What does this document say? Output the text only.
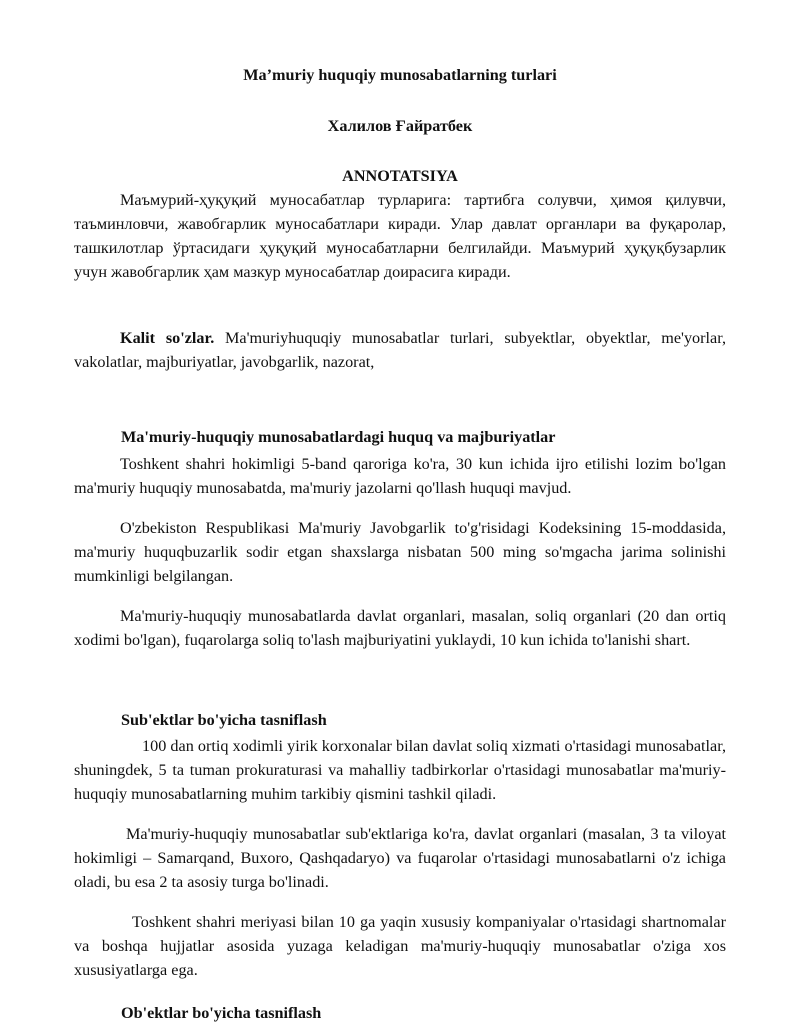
Ma’muriy huquqiy munosabatlarning turlari
Халилов Ғайратбек
ANNOTATSIYA

Маъмурий-ҳуқуқий муносабатлар турларига: тартибга солувчи, ҳимоя қилувчи, таъминловчи, жавобгарлик муносабатлари киради. Улар давлат органлари ва фуқаролар, ташкилотлар ўртасидаги ҳуқуқий муносабатларни белгилайди. Маъмурий ҳуқуқбузарлик учун жавобгарлик ҳам мазкур муносабатлар доирасига киради.

Kalit so'zlar. Ma'muriyhuquqiy munosabatlar turlari, subyektlar, obyektlar, me'yorlar, vakolatlar, majburiyatlar, javobgarlik, nazorat,

Ma'muriy-huquqiy munosabatlardagi huquq va majburiyatlar

Toshkent shahri hokimligi 5-band qaroriga ko'ra, 30 kun ichida ijro etilishi lozim bo'lgan ma'muriy huquqiy munosabatda, ma'muriy jazolarni qo'llash huquqi mavjud.

O'zbekiston Respublikasi Ma'muriy Javobgarlik to'g'risidagi Kodeksining 15-moddasida, ma'muriy huquqbuzarlik sodir etgan shaxslarga nisbatan 500 ming so'mgacha jarima solinishi mumkinligi belgilangan.

Ma'muriy-huquqiy munosabatlarda davlat organlari, masalan, soliq organlari (20 dan ortiq xodimi bo'lgan), fuqarolarga soliq to'lash majburiyatini yuklaydi, 10 kun ichida to'lanishi shart.

Sub'ektlar bo'yicha tasniflash

100 dan ortiq xodimli yirik korxonalar bilan davlat soliq xizmati o'rtasidagi munosabatlar, shuningdek, 5 ta tuman prokuraturasi va mahalliy tadbirkorlar o'rtasidagi munosabatlar ma'muriy-huquqiy munosabatlarning muhim tarkibiy qismini tashkil qiladi.

Ma'muriy-huquqiy munosabatlar sub'ektlariga ko'ra, davlat organlari (masalan, 3 ta viloyat hokimligi – Samarqand, Buxoro, Qashqadaryo) va fuqarolar o'rtasidagi munosabatlarni o'z ichiga oladi, bu esa 2 ta asosiy turga bo'linadi.

Toshkent shahri meriyasi bilan 10 ga yaqin xususiy kompaniyalar o'rtasidagi shartnomalar va boshqa hujjatlar asosida yuzaga keladigan ma'muriy-huquqiy munosabatlar o'ziga xos xususiyatlarga ega.

Ob'ektlar bo'yicha tasniflash
